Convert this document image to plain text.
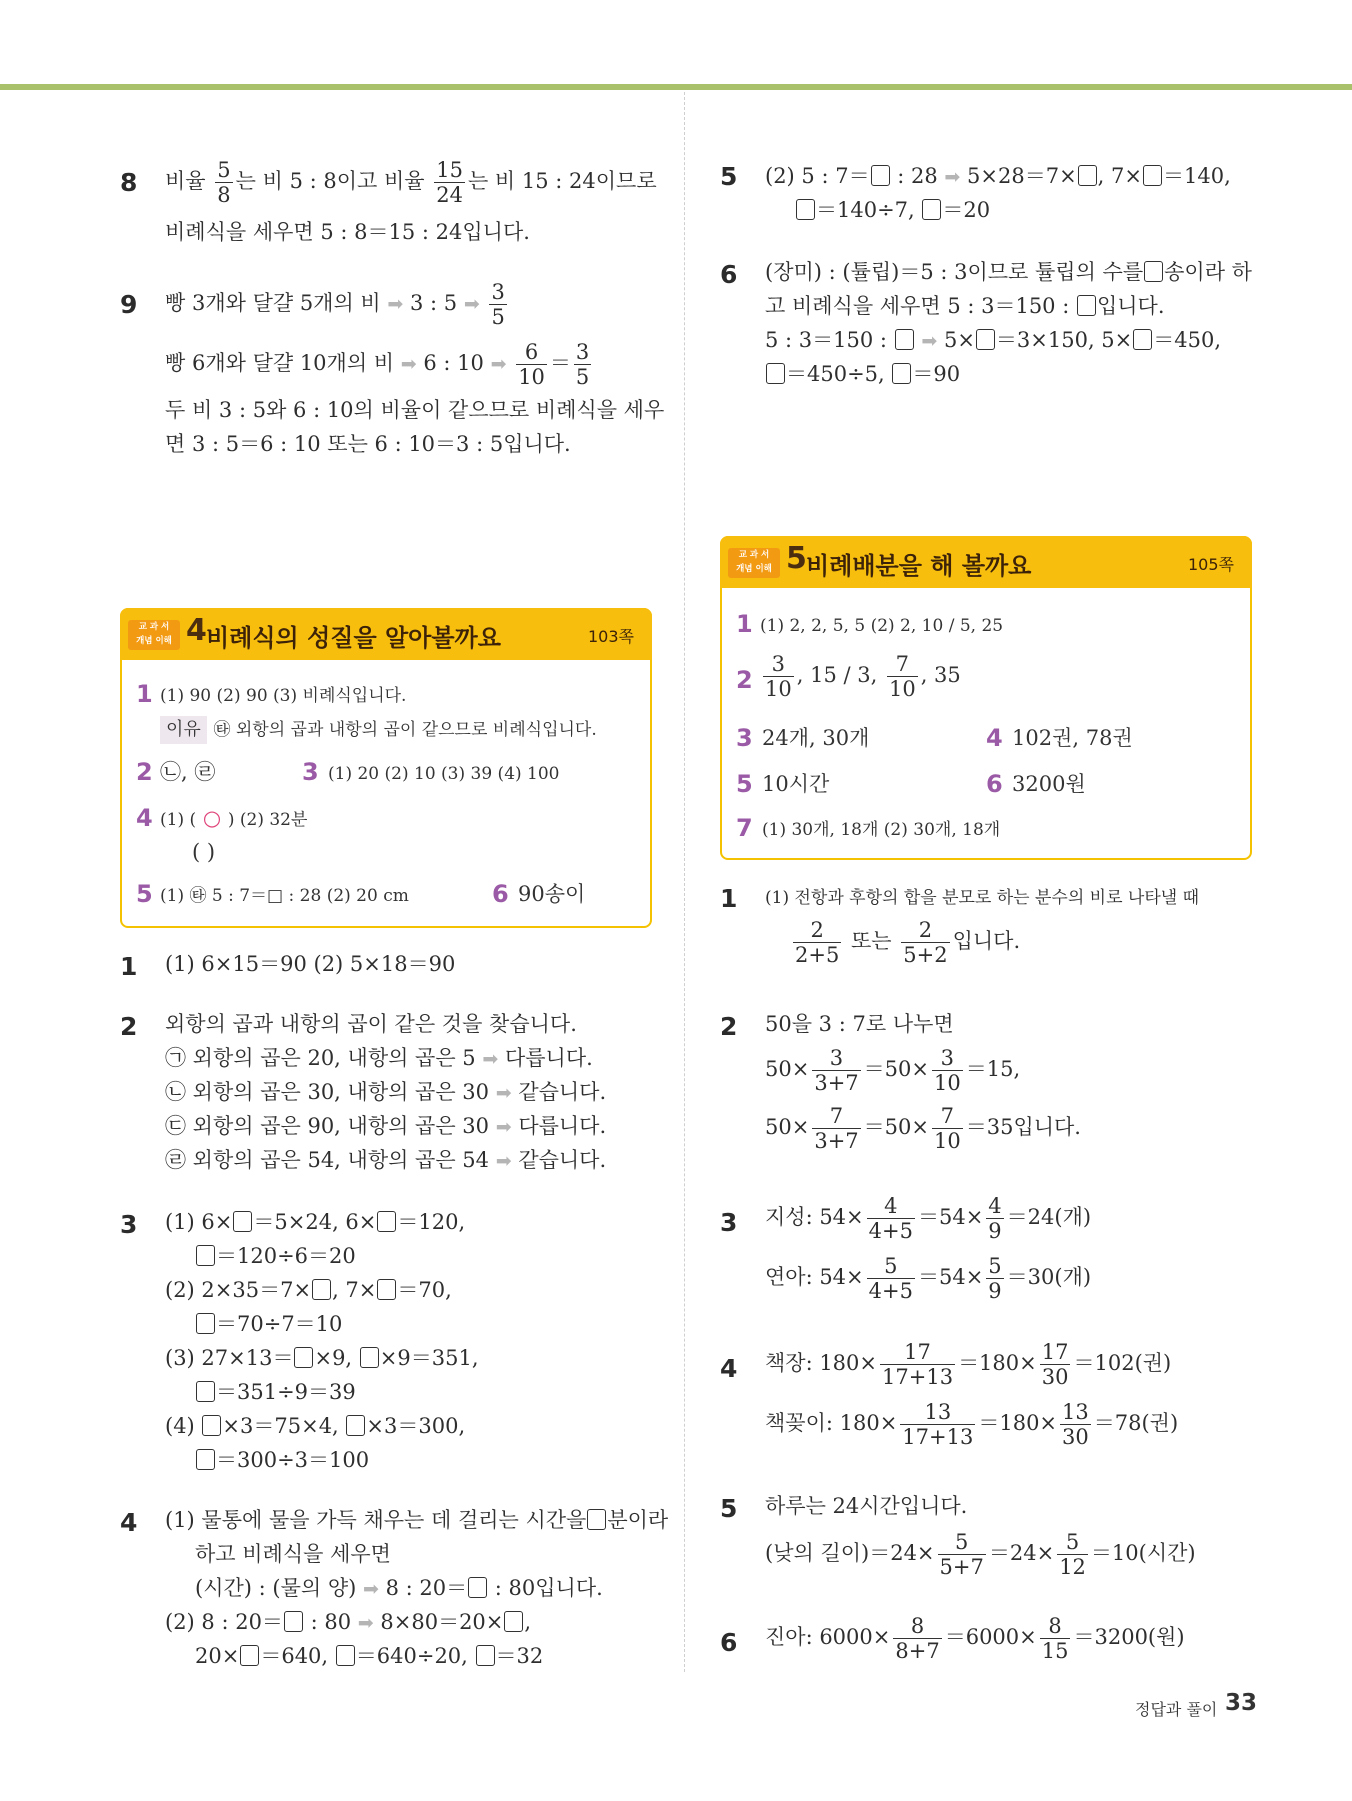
8 비율 $\frac{5}{8}$ 는 비 5 : 8이고 비율 $\frac{15}{24}$ 는 비 15 : 24이므로
비례식을 세우면 5 : 8＝15 : 24입니다.
9 빵 3개와 달걀 5개의 비 ➡ 3 : 5 ➡ $\frac{3}{5}$
빵 6개와 달걀 10개의 비 ➡ 6 : 10 ➡ $\frac{6}{10} = \frac{3}{5}$
두 비 3 : 5와 6 : 10의 비율이 같으므로 비례식을 세우
면 3 : 5＝6 : 10 또는 6 : 10＝3 : 5입니다.
교 과 서
개념 이해 4 비례식의 성질을 알아볼까요	103쪽
1 (1) 90 (2) 90 (3) 비례식입니다.
이유 ㉹ 외항의 곱과 내항의 곱이 같으므로 비례식입니다.
2 ㉡, ㉣	3 (1) 20 (2) 10 (3) 39 (4) 100
4 (1) ( ○ ) (2) 32분
( )
5 (1) ㉹ 5 : 7＝□ : 28 (2) 20 cm	6 90송이
1 (1) 6×15＝90 (2) 5×18＝90
2 외항의 곱과 내항의 곱이 같은 것을 찾습니다.
㉠ 외항의 곱은 20, 내항의 곱은 5 ➡ 다릅니다.
㉡ 외항의 곱은 30, 내항의 곱은 30 ➡ 같습니다.
㉢ 외항의 곱은 90, 내항의 곱은 30 ➡ 다릅니다.
㉣ 외항의 곱은 54, 내항의 곱은 54 ➡ 같습니다.
3 (1) 6× ＝5×24, 6× ＝120,
＝120÷6＝20
(2) 2×35＝7× , 7× ＝70,
＝70÷7＝10
(3) 27×13＝ ×9, ×9＝351,
＝351÷9＝39
(4) ×3＝75×4, ×3＝300,
＝300÷3＝100
4 (1) 물통에 물을 가득 채우는 데 걸리는 시간을 분이라
하고 비례식을 세우면
(시간) : (물의 양) ➡ 8 : 20＝ : 80입니다.
(2) 8 : 20＝ : 80 ➡ 8×80＝20× ,
20× ＝640, ＝640÷20, ＝32
5 (2) 5 : 7＝ : 28 ➡ 5×28＝7× , 7× ＝140,
＝140÷7, ＝20
6 (장미) : (튤립)＝5 : 3이므로 튤립의 수를 송이라 하
고 비례식을 세우면 5 : 3＝150 : 입니다.
5 : 3＝150 :  ➡ 5× ＝3×150, 5× ＝450,
＝450÷5, ＝90
교 과 서
개념 이해 5 비례배분을 해 볼까요	105쪽
1 (1) 2, 2, 5, 5 (2) 2, 10 / 5, 25
$2 \frac{3}{10}$ , 15 / 3, $\frac{7}{10}$ , 35
3 24개, 30개	4 102권, 78권
5 10시간	6 3200원
7 (1) 30개, 18개 (2) 30개, 18개
1 (1) 전항과 후항의 합을 분모로 하는 분수의 비로 나타낼 때
$\frac{2}{2+5}$ 또는 $\frac{2}{5+2}$ 입니다.
2 50을 3 : 7로 나누면
$50\times \frac{3}{3+7} =50\times \frac{3}{10} =15$,
$50\times \frac{7}{3+7} =50\times \frac{7}{10} =35$입니다.
3 지성: $54\times \frac{4}{4+5} =54\times \frac{4}{9} =24$(개)
연아: $54\times \frac{5}{4+5} =54\times \frac{5}{9} =30$(개)
4 책장: $180\times \frac{17}{17+13} =180\times \frac{17}{30} =102$(권)
책꽂이: $180\times \frac{13}{17+13} =180\times \frac{13}{30} =78$(권)
5 하루는 24시간입니다.
(낮의 길이)$=24\times \frac{5}{5+7} =24\times \frac{5}{12} =10$(시간)
6 진아: $6000\times \frac{8}{8+7} =6000\times \frac{8}{15} =3200$(원)
정답과 풀이 33
